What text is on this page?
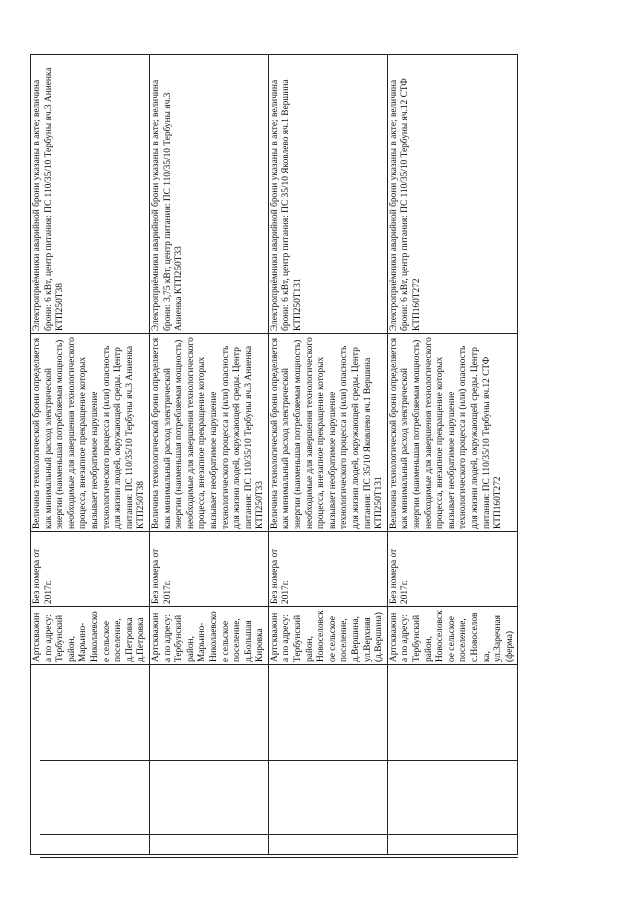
	Артскважина по адресу: Тербунский район, Марьино-Николаевское сельское поселение, д.Петровка д.Петровка	Без номера от 2017г.	Величина технологической брони определяется как минимальный расход электрической энергии (наименьшая потребляемая мощность) необходимые для завершения технологического процесса, внезапное прекращение которых вызывает необратимое нарушение технологического процесса и (или) опасность для жизни людей, окружающей среды. Центр питания: ПС 110/35/10 Тербуны яч.3 Аниенка КТП250Т38	Электроприёмники аварийной брони указаны в акте; величина брони: 6 кВт, центр питания: ПС 110/35/10 Тербуны яч.3 Аниенка КТП250Т38
	Артскважина по адресу: Тербунский район, Марьино-Николаевское сельское поселение, д.Большая Кировка	Без номера от 2017г.	Величина технологической брони определяется как минимальный расход электрической энергии (наименьшая потребляемая мощность) необходимые для завершения технологического процесса, внезапное прекращение которых вызывает необратимое нарушение технологического процесса и (или) опасность для жизни людей, окружающей среды. Центр питания: ПС 110/35/10 Тербуны яч.3 Аниенка КТП250Т33	Электроприёмники аварийной брони указаны в акте; величина брони: 3,75 кВт, центр питания: ПС 110/35/10 Тербуны яч.3 Аниенка КТП250Т33
	Артскважина по адресу: Тербунский район, Новоселовское сельское поселение, д.Вершина, ул.Верхняя (д.Вершина)	Без номера от 2017г.	Величина технологической брони определяется как минимальный расход электрической энергии (наименьшая потребляемая мощность) необходимые для завершения технологического процесса, внезапное прекращение которых вызывает необратимое нарушение технологического процесса и (или) опасность для жизни людей, окружающей среды. Центр питания: ПС 35/10 Яковлево яч.1 Вершина КТП250Т131	Электроприёмники аварийной брони указаны в акте; величина брони: 6 кВт, центр питания: ПС 35/10 Яковлево яч.1 Вершина КТП250Т131
	Артскважина по адресу: Тербунский район, Новоселовское сельское поселение, с.Новоселовка, ул.Заречная (ферма)	Без номера от 2017г.	Величина технологической брони определяется как минимальный расход электрической энергии (наименьшая потребляемая мощность) необходимые для завершения технологического процесса, внезапное прекращение которых вызывает необратимое нарушение технологического процесса и (или) опасность для жизни людей, окружающей среды. Центр питания: ПС 110/35/10 Тербуны яч.12 СТФ КТП160Т272	Электроприёмники аварийной брони указаны в акте; величина брони: 6 кВт, центр питания: ПС 110/35/10 Тербуны яч.12 СТФ КТП160Т272
